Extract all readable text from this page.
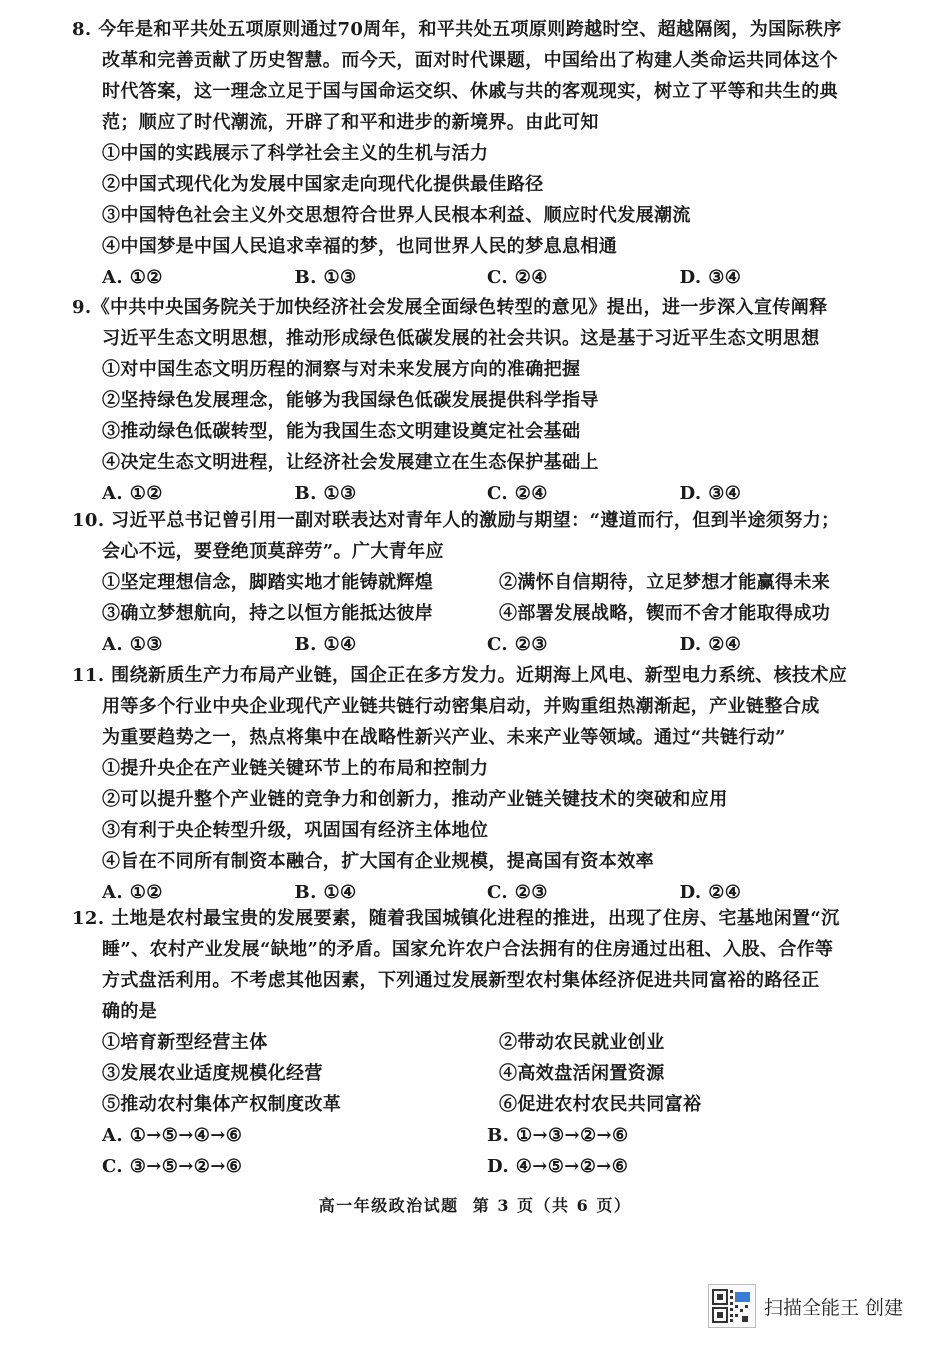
8. 今年是和平共处五项原则通过70周年，和平共处五项原则跨越时空、超越隔阂，为国际秩序

改革和完善贡献了历史智慧。而今天，面对时代课题，中国给出了构建人类命运共同体这个

时代答案，这一理念立足于国与国命运交织、休戚与共的客观现实，树立了平等和共生的典

范；顺应了时代潮流，开辟了和平和进步的新境界。由此可知

①中国的实践展示了科学社会主义的生机与活力

②中国式现代化为发展中国家走向现代化提供最佳路径

③中国特色社会主义外交思想符合世界人民根本利益、顺应时代发展潮流

④中国梦是中国人民追求幸福的梦，也同世界人民的梦息息相通

A. ①②	B. ①③	C. ②④	D. ③④

9.《中共中央国务院关于加快经济社会发展全面绿色转型的意见》提出，进一步深入宣传阐释

习近平生态文明思想，推动形成绿色低碳发展的社会共识。这是基于习近平生态文明思想

①对中国生态文明历程的洞察与对未来发展方向的准确把握

②坚持绿色发展理念，能够为我国绿色低碳发展提供科学指导

③推动绿色低碳转型，能为我国生态文明建设奠定社会基础

④决定生态文明进程，让经济社会发展建立在生态保护基础上

A. ①②	B. ①③	C. ②④	D. ③④

10. 习近平总书记曾引用一副对联表达对青年人的激励与期望：“遵道而行，但到半途须努力；

会心不远，要登绝顶莫辞劳”。广大青年应

①坚定理想信念，脚踏实地才能铸就辉煌	②满怀自信期待，立足梦想才能赢得未来
③确立梦想航向，持之以恒方能抵达彼岸	④部署发展战略，锲而不舍才能取得成功
A. ①③	B. ①④	C. ②③	D. ②④

11. 围绕新质生产力布局产业链，国企正在多方发力。近期海上风电、新型电力系统、核技术应

用等多个行业中央企业现代产业链共链行动密集启动，并购重组热潮渐起，产业链整合成

为重要趋势之一，热点将集中在战略性新兴产业、未来产业等领域。通过“共链行动”

①提升央企在产业链关键环节上的布局和控制力

②可以提升整个产业链的竞争力和创新力，推动产业链关键技术的突破和应用

③有利于央企转型升级，巩固国有经济主体地位

④旨在不同所有制资本融合，扩大国有企业规模，提高国有资本效率

A. ①②	B. ①④	C. ②③	D. ②④

12. 土地是农村最宝贵的发展要素，随着我国城镇化进程的推进，出现了住房、宅基地闲置“沉

睡”、农村产业发展“缺地”的矛盾。国家允许农户合法拥有的住房通过出租、入股、合作等

方式盘活利用。不考虑其他因素，下列通过发展新型农村集体经济促进共同富裕的路径正

确的是

①培育新型经营主体	②带动农民就业创业
③发展农业适度规模化经营	④高效盘活闲置资源
⑤推动农村集体产权制度改革	⑥促进农村农民共同富裕
A. ①→⑤→④→⑥	B. ①→③→②→⑥
C. ③→⑤→②→⑥	D. ④→⑤→②→⑥
高一年级政治试题  第 3 页（共 6 页）
扫描全能王 创建
